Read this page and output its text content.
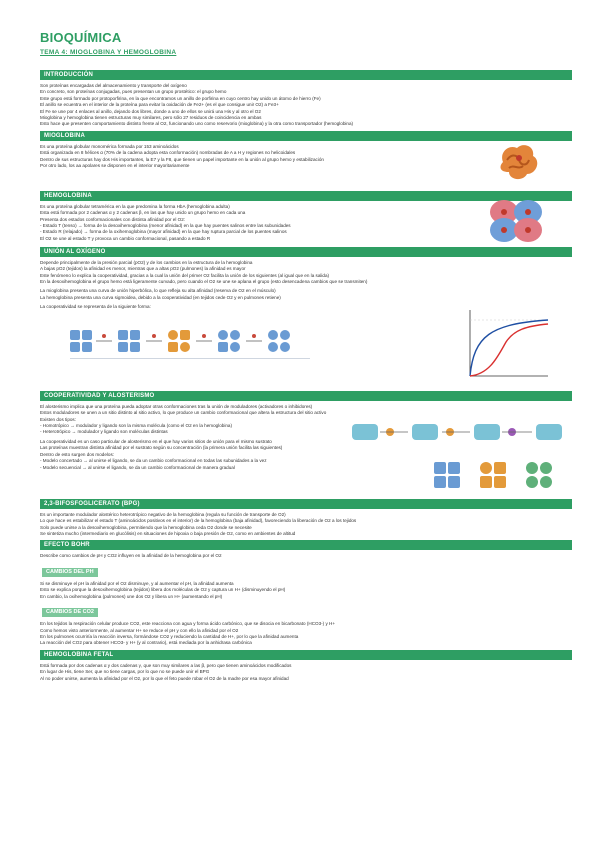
BIOQUÍMICA
TEMA 4: MIOGLOBINA Y HEMOGLOBINA
INTRODUCCIÓN

Son proteínas encargadas del almacenamiento y transporte del oxígeno

En concreto, son proteínas conjugadas, pues presentan un grupo prostético: el grupo hemo

Este grupo está formado por protoporfirina, en la que encontramos un anillo de porfirina en cuyo centro hay unido un átomo de hierro (Fe)

El anillo se ecuentra en el interior de la proteína para evitar la oxidación de Fe2+ (es el que consigue unir O2) a Fe3+

El Fe se une por 4 enlaces al anillo, dejando dos libres, donde a uno de ellos se unirá una His y al otro el O2

Mioglobina y hemoglobina tienen estructuras muy similares, pero sólo 27 residuos de coincidencia en ambas

Esto hace que presenten comportamiento distinto frente al O2, funcionando uno como reservorio (mioglobina) y la otra como transportador (hemoglobina)

MIOGLOBINA

Es una proteína globular monomérica formada por 153 aminoácidos

Está organizada en 8 hélices α (70% de la cadena adopta esta conformación) nombradas de A a H y regiones no helicoidales

Dentro de sus estructuras hay dos His importantes, la E7 y la F8, que tienen un papel importante en la unión al grupo hemo y estabilización

Por otro lado, los aa apolares se disponen en el interior mayoritariamente

HEMOGLOBINA

Es una proteína globular tetramérica en la que predomina la forma HbA (hemoglobina adulta)

Esta está formada por 2 cadenas α y 2 cadenas β, en las que hay unido un grupo hemo en cada una

Presenta dos estados conformacionales con distinta afinidad por el O2:

- Estado T (tenso) → forma de la desoxihemoglobina (menor afinidad) en la que hay puentes salinos entre las subunidades

- Estado R (relajado) → forma de la oxihemoglobina (mayor afinidad) en la que hay ruptura parcial de los puentes salinos

El O2 se une al estado T y provoca un cambio conformacional, pasando a estado R

UNIÓN AL OXÍGENO

Depende principalmente de la presión parcial (pO2) y de los cambios en la estructura de la hemoglobina

A bajas pO2 (tejidos) la afinidad es menor, mientras que a altas pO2 (pulmones) la afinidad es mayor

Este fenómeno lo explica la cooperatividad, gracias a la cual la unión del primer O2 facilita la unión de los siguientes (al igual que en la salida)

En la desoxihemoglobina el grupo hemo está ligeramente curvado, pero cuando el O2 se une se aplana el grupo (esto desencadena cambios que se transmiten)

La mioglobina presenta una curva de unión hiperbólica, lo que refleja su alta afinidad (reserva de O2 en el músculo)

La hemoglobina presenta una curva sigmoidea, debido a la cooperatividad (en tejidos cede O2 y en pulmones retiene)

La cooperatividad se representa de la siguiente forma:

COOPERATIVIDAD Y ALOSTERISMO

El alosterismo implica que una proteína pueda adoptar otras conformaciones tras la unión de moduladores (activadores o inhibidores)

Estos moduladores se unen a un sitio distinto al sitio activo, lo que produce un cambio conformacional que altera la estructura del sitio activo

Existen dos tipos:

- Homotrópico → modulador y ligando son la misma molécula (como el O2 en la hemoglobina)

- Heterotrópico → modulador y ligando son moléculas distintas

La cooperatividad es un caso particular de alosterismo en el que hay varios sitios de unión para el mismo sustrato

Las proteínas muestran distinta afinidad por el sustrato según su concentración (la primera unión facilita las siguientes)

Dentro de esto surgen dos modelos:

- Modelo concertado → al unirse el ligando, se da un cambio conformacional en todas las subunidades a la vez

- Modelo secuencial → al unirse el ligando, se da un cambio conformacional de manera gradual

2,3-BIFOSFOGLICERATO (BPG)

Es un importante modulador alostérico heterotrópico negativo de la hemoglobina (regula su función de transporte de O2)

Lo que hace es estabilizar el estado T (aminoácidos positivos en el interior) de la hemoglobina (baja afinidad), favoreciendo la liberación de O2 a los tejidos

Solo puede unirse a la desoxihemoglobina, permitiendo que la hemoglobina ceda O2 donde se necesite

Se sintetiza mucho (intermediario en glucólisis) en situaciones de hipoxia o baja presión de O2, como en ambientes de altitud

EFECTO BOHR

Describe como cambios de pH y CO2 influyen en la afinidad de la hemoglobina por el O2

CAMBIOS DEL PH

Si se disminuye el pH la afinidad por el O2 disminuye, y al aumentar el pH, la afinidad aumenta

Esto se explica porque la desoxihemoglobina (tejidos) libera dos moléculas de O2 y captura un H+ (disminuyendo el pH)

En cambio, la oxihemoglobina (pulmones) une dos O2 y libera un H+ (aumentando el pH)

CAMBIOS DE CO2

En los tejidos la respiración celular produce CO2, este reacciona con agua y forma ácido carbónico, que se disocia en bicarbonato (HCO3-) y H+

Como hemos visto anteriormente, al aumentar H+ se reduce el pH y con ello la afinidad por el O2

En los pulmones ocurriría la reacción inversa, formándose CO2 y reduciendo la cantidad de H+, por lo que la afinidad aumenta

La reacción del CO2 para obtener HCO3- y H+ (y al contrario), está mediada por la anhidrasa carbónica

HEMOGLOBINA FETAL

Está formada por dos cadenas α y dos cadenas γ, que son muy similares a las β, pero que tienen aminoácidos modificados

En lugar de His, tiene Ser, que no tiene cargas, por lo que no se puede unir el BPG

Al no poder unirse, aumenta la afinidad por el O2, por lo que el feto puede robar el O2 de la madre por esa mayor afinidad
